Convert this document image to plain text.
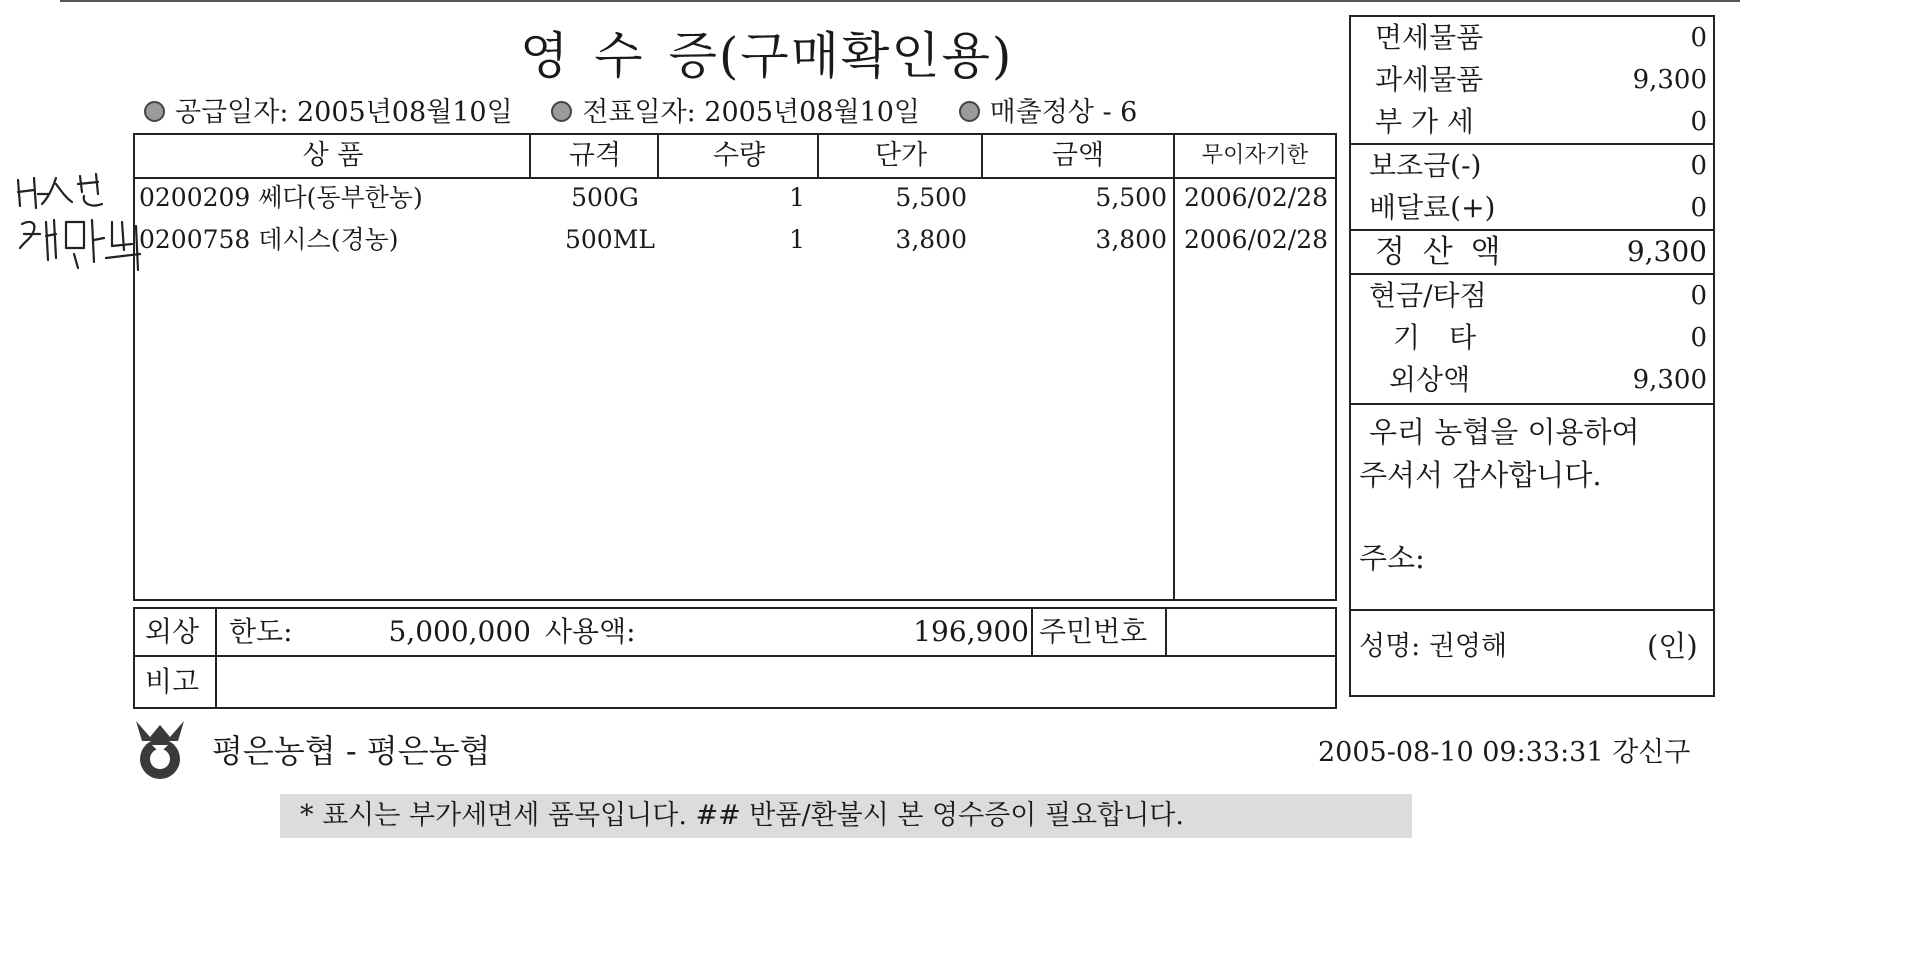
영수증(구매확인용)
공급일자: 2005년08월10일	전표일자: 2005년08월10일	매출정상 - 6
상 품	규격	수량	단가	금액	무이자기한
0200209 쎄다(동부한농)	500G	1	5,500	5,500 2006/02/28
0200758 데시스(경농)	500ML	1	3,800	3,800 2006/02/28
외상 한도:	5,000,000 사용액:	196,900 주민번호
비고
면세물품	0
과세물품	9,300
부 가 세	0
보조금(-)	0
배달료(+)	0
정 산 액	9,300
현금/타점	0
기 타	0
외상액	9,300
우리 농협을 이용하여
주셔서 감사합니다.
주소:
성명: 권영해	(인)
평은농협 - 평은농협	2005-08-10 09:33:31 강신구
* 표시는 부가세면세 품목입니다. ## 반품/환불시 본 영수증이 필요합니다.
